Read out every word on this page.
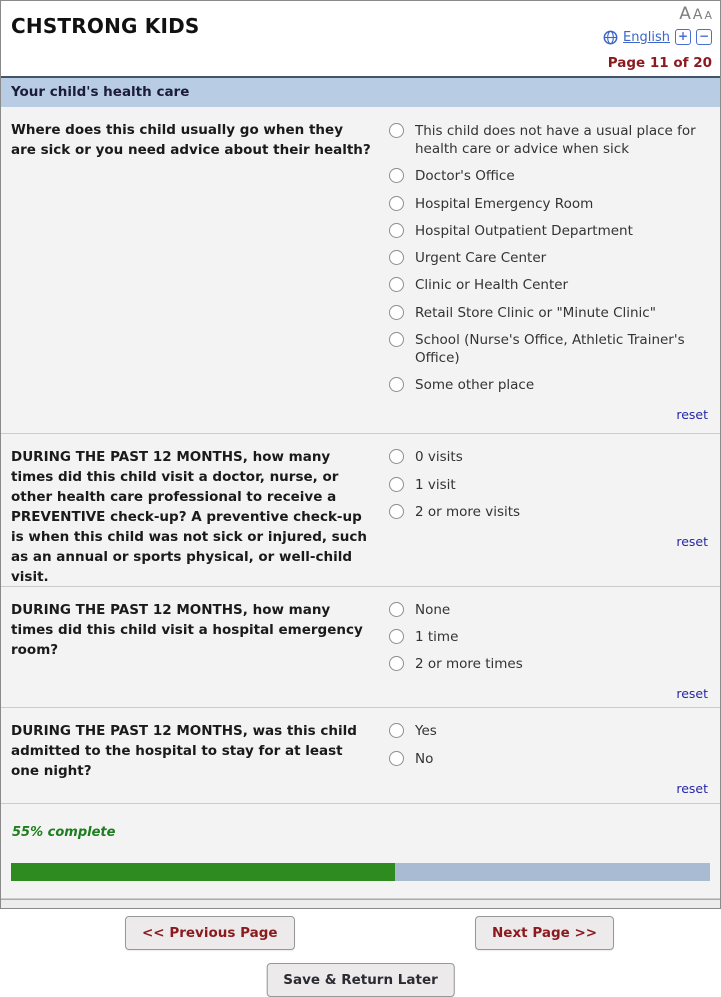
CHSTRONG KIDS	A A A
English + −
Page 11 of 20
Your child's health care
Where does this child usually go when they are sick or you need advice about their health?
This child does not have a usual place for health care or advice when sick
Doctor's Office
Hospital Emergency Room
Hospital Outpatient Department
Urgent Care Center
Clinic or Health Center
Retail Store Clinic or "Minute Clinic"
School (Nurse's Office, Athletic Trainer's Office)
Some other place
reset
DURING THE PAST 12 MONTHS, how many times did this child visit a doctor, nurse, or other health care professional to receive a PREVENTIVE check-up? A preventive check-up is when this child was not sick or injured, such as an annual or sports physical, or well-child visit.
0 visits
1 visit
2 or more visits
reset
DURING THE PAST 12 MONTHS, how many times did this child visit a hospital emergency room?
None
1 time
2 or more times
reset
DURING THE PAST 12 MONTHS, was this child admitted to the hospital to stay for at least one night?
Yes
No
reset
55% complete
<< Previous Page	Next Page >>
Save & Return Later
